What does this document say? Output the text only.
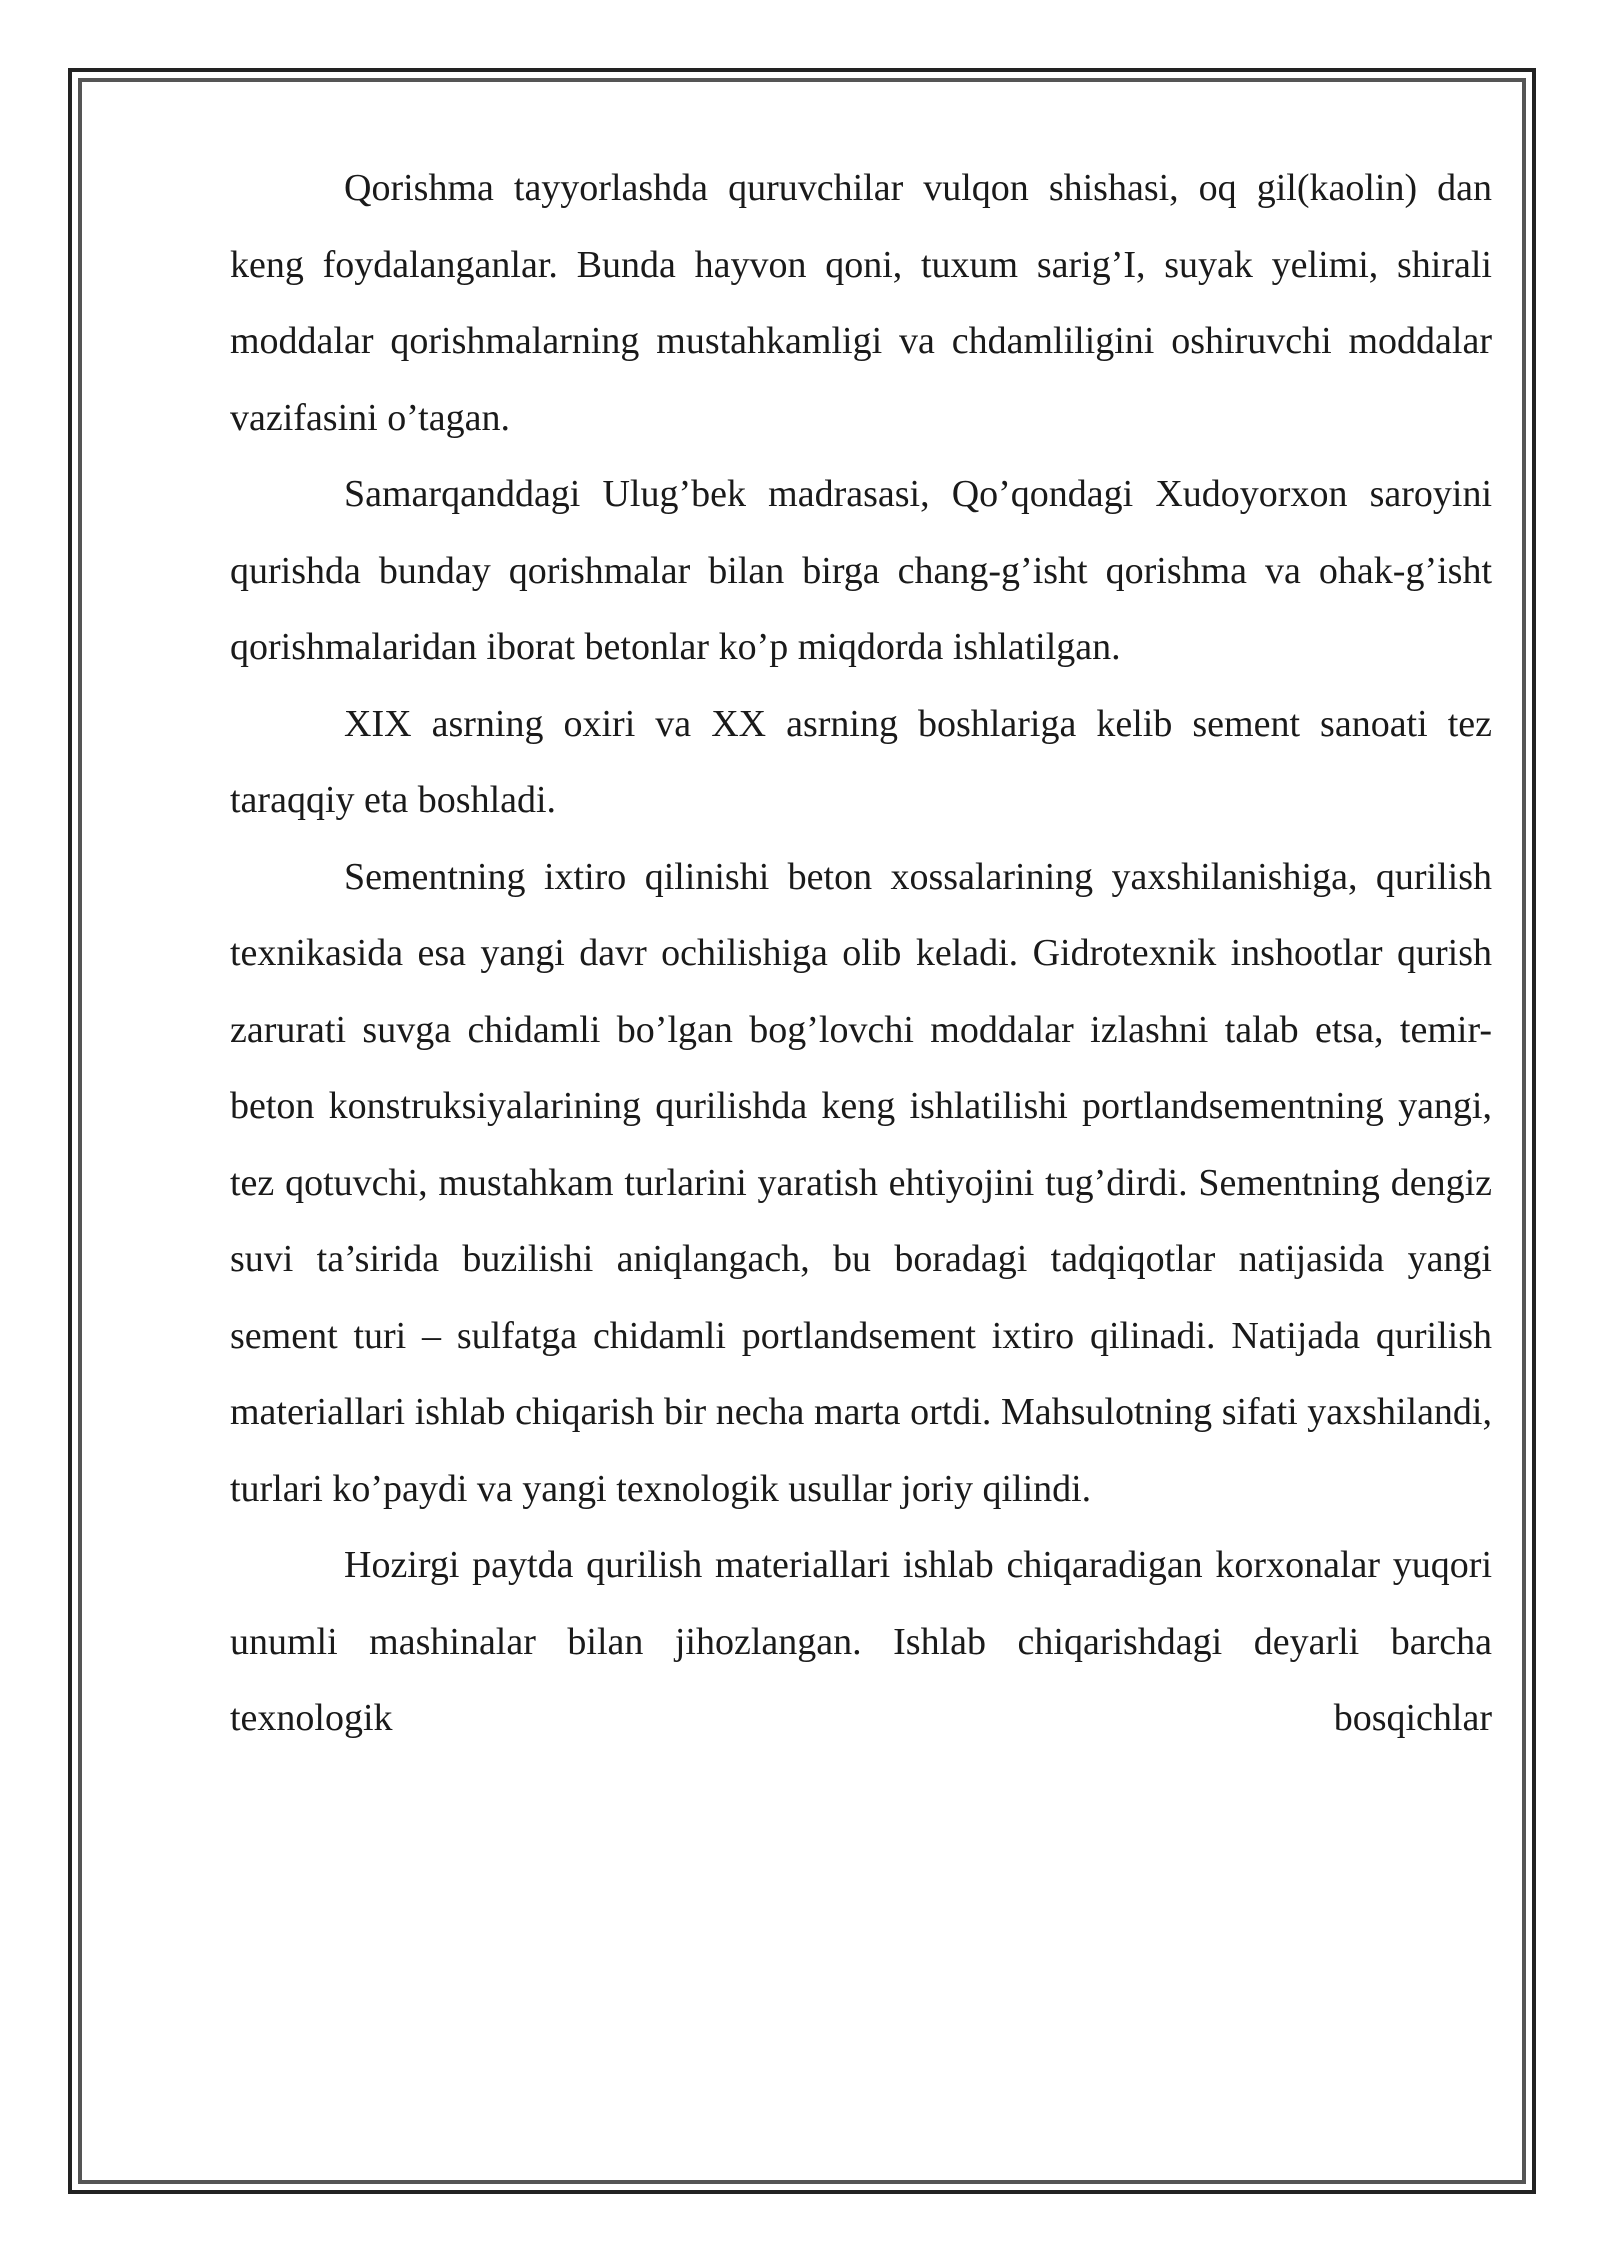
Qorishma tayyorlashda quruvchilar vulqon shishasi, oq gil(kaolin) dan keng foydalanganlar. Bunda hayvon qoni, tuxum sarig’I, suyak yelimi, shirali moddalar qorishmalarning mustahkamligi va chdamliligini oshiruvchi moddalar vazifasini o’tagan.

Samarqanddagi Ulug’bek madrasasi, Qo’qondagi Xudoyorxon saroyini qurishda bunday qorishmalar bilan birga chang-g’isht qorishma va ohak-g’isht qorishmalaridan iborat betonlar ko’p miqdorda ishlatilgan.

XIX asrning oxiri va XX asrning boshlariga kelib sement sanoati tez taraqqiy eta boshladi.

Sementning ixtiro qilinishi beton xossalarining yaxshilanishiga, qurilish texnikasida esa yangi davr ochilishiga olib keladi. Gidrotexnik inshootlar qurish zarurati suvga chidamli bo’lgan bog’lovchi moddalar izlashni talab etsa, temir-beton konstruksiyalarining qurilishda keng ishlatilishi portlandsementning yangi, tez qotuvchi, mustahkam turlarini yaratish ehtiyojini tug’dirdi. Sementning dengiz suvi ta’sirida buzilishi aniqlangach, bu boradagi tadqiqotlar natijasida yangi sement turi – sulfatga chidamli portlandsement ixtiro qilinadi. Natijada qurilish materiallari ishlab chiqarish bir necha marta ortdi. Mahsulotning sifati yaxshilandi, turlari ko’paydi va yangi texnologik usullar joriy qilindi.

Hozirgi paytda qurilish materiallari ishlab chiqaradigan korxonalar yuqori unumli mashinalar bilan jihozlangan. Ishlab chiqarishdagi deyarli barcha texnologik bosqichlar
